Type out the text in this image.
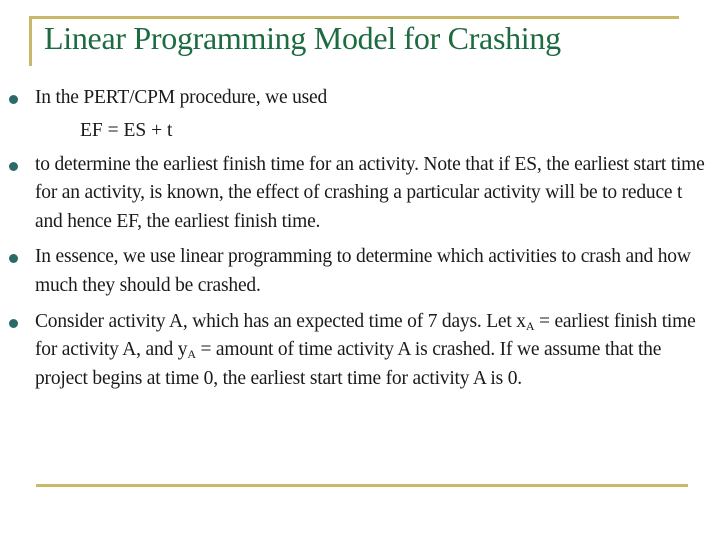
Linear Programming Model for Crashing
In the PERT/CPM procedure, we used
EF = ES + t
to determine the earliest finish time for an activity. Note that if ES, the earliest start time for an activity, is known, the effect of crashing a particular activity will be to reduce t and hence EF, the earliest finish time.
In essence, we use linear programming to determine which activities to crash and how much they should be crashed.
Consider activity A, which has an expected time of 7 days. Let $x_A$ = earliest finish time for activity A, and $y_A$ = amount of time activity A is crashed. If we assume that the project begins at time 0, the earliest start time for activity A is 0.
